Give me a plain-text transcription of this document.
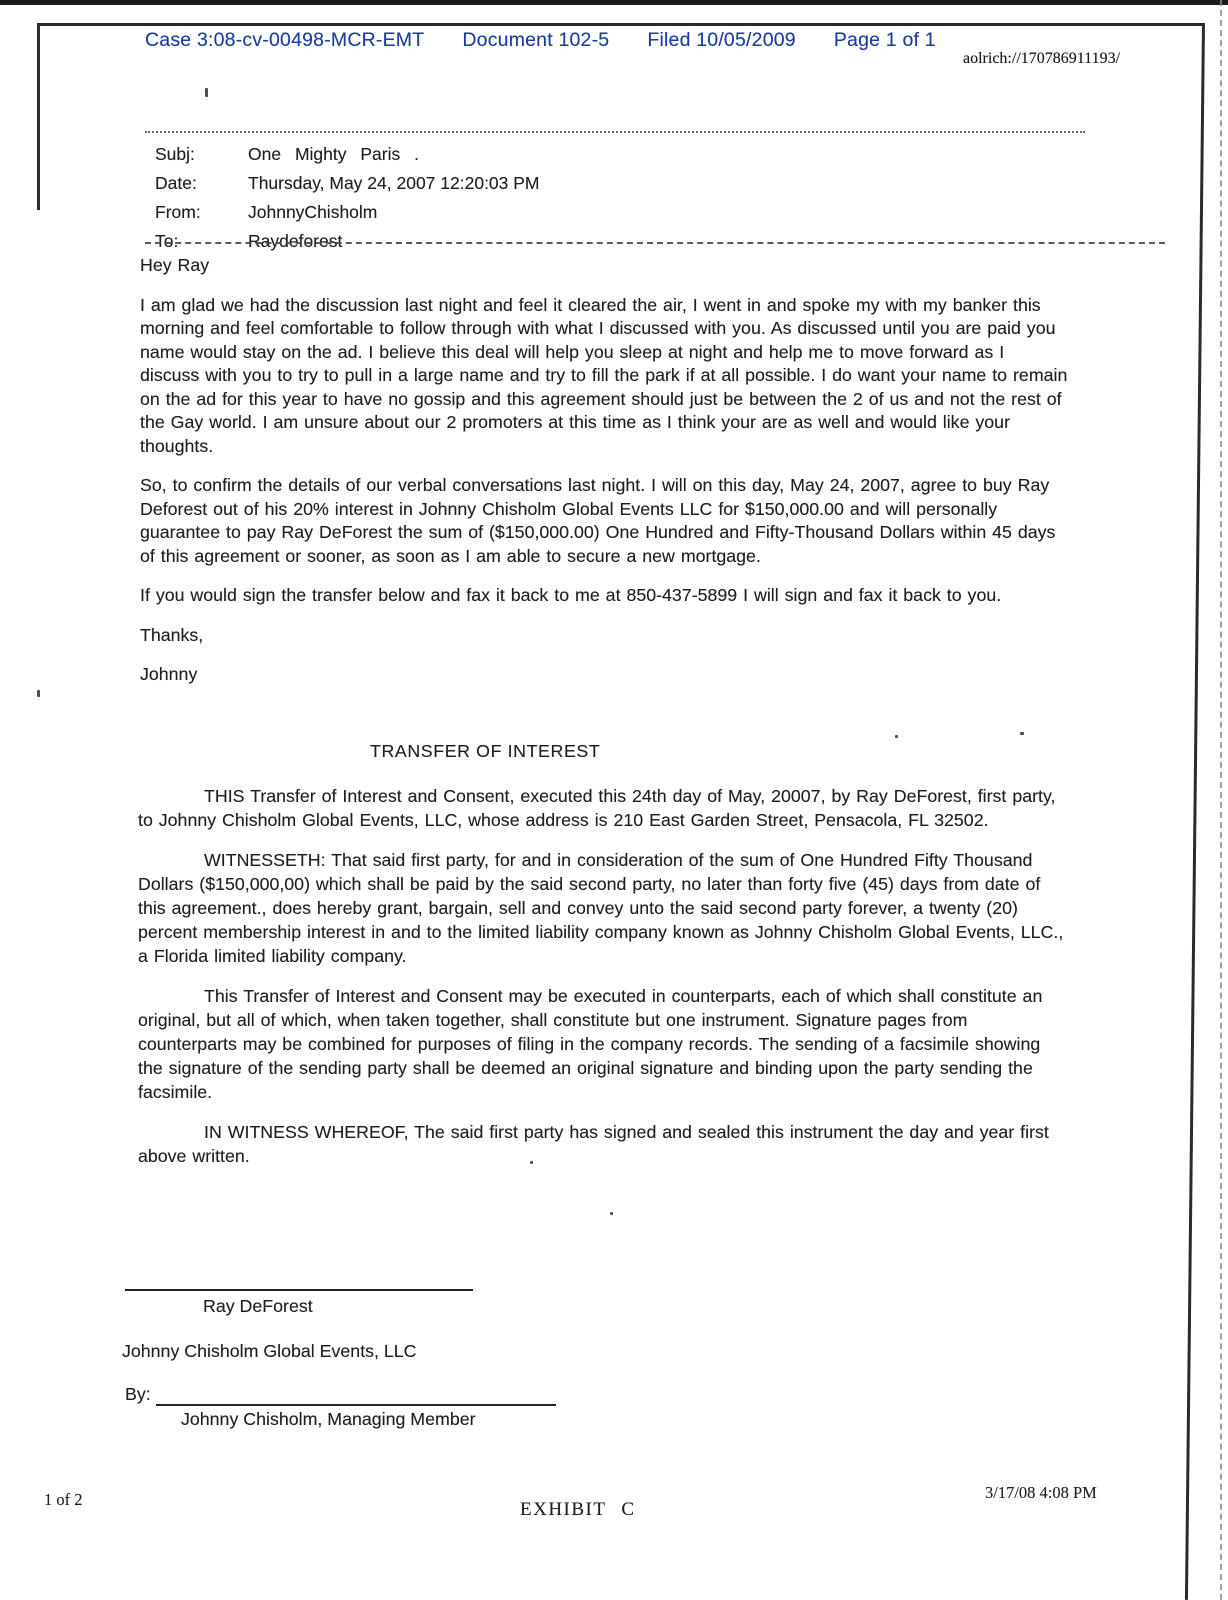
Case 3:08-cv-00498-MCR-EMT Document 102-5 Filed 10/05/2009 Page 1 of 1
aolrich://170786911193/
Subj:	One Mighty Paris .
Date:	Thursday, May 24, 2007 12:20:03 PM
From:	JohnnyChisholm
To:	Raydeforest

Hey Ray

I am glad we had the discussion last night and feel it cleared the air, I went in and spoke my with my banker this morning and feel comfortable to follow through with what I discussed with you. As discussed until you are paid you name would stay on the ad. I believe this deal will help you sleep at night and help me to move forward as I discuss with you to try to pull in a large name and try to fill the park if at all possible. I do want your name to remain on the ad for this year to have no gossip and this agreement should just be between the 2 of us and not the rest of the Gay world. I am unsure about our 2 promoters at this time as I think your are as well and would like your thoughts.

So, to confirm the details of our verbal conversations last night. I will on this day, May 24, 2007, agree to buy Ray Deforest out of his 20% interest in Johnny Chisholm Global Events LLC for $150,000.00 and will personally guarantee to pay Ray DeForest the sum of ($150,000.00) One Hundred and Fifty-Thousand Dollars within 45 days of this agreement or sooner, as soon as I am able to secure a new mortgage.

If you would sign the transfer below and fax it back to me at 850-437-5899 I will sign and fax it back to you.

Thanks,

Johnny

TRANSFER OF INTEREST

THIS Transfer of Interest and Consent, executed this 24th day of May, 20007, by Ray DeForest, first party, to Johnny Chisholm Global Events, LLC, whose address is 210 East Garden Street, Pensacola, FL 32502.

WITNESSETH: That said first party, for and in consideration of the sum of One Hundred Fifty Thousand Dollars ($150,000,00) which shall be paid by the said second party, no later than forty five (45) days from date of this agreement., does hereby grant, bargain, sell and convey unto the said second party forever, a twenty (20) percent membership interest in and to the limited liability company known as Johnny Chisholm Global Events, LLC., a Florida limited liability company.

This Transfer of Interest and Consent may be executed in counterparts, each of which shall constitute an original, but all of which, when taken together, shall constitute but one instrument. Signature pages from counterparts may be combined for purposes of filing in the company records. The sending of a facsimile showing the signature of the sending party shall be deemed an original signature and binding upon the party sending the facsimile.

IN WITNESS WHEREOF, The said first party has signed and sealed this instrument the day and year first above written.

Ray DeForest
Johnny Chisholm Global Events, LLC
By:
Johnny Chisholm, Managing Member
1 of 2	EXHIBIT C
3/17/08 4:08 PM
